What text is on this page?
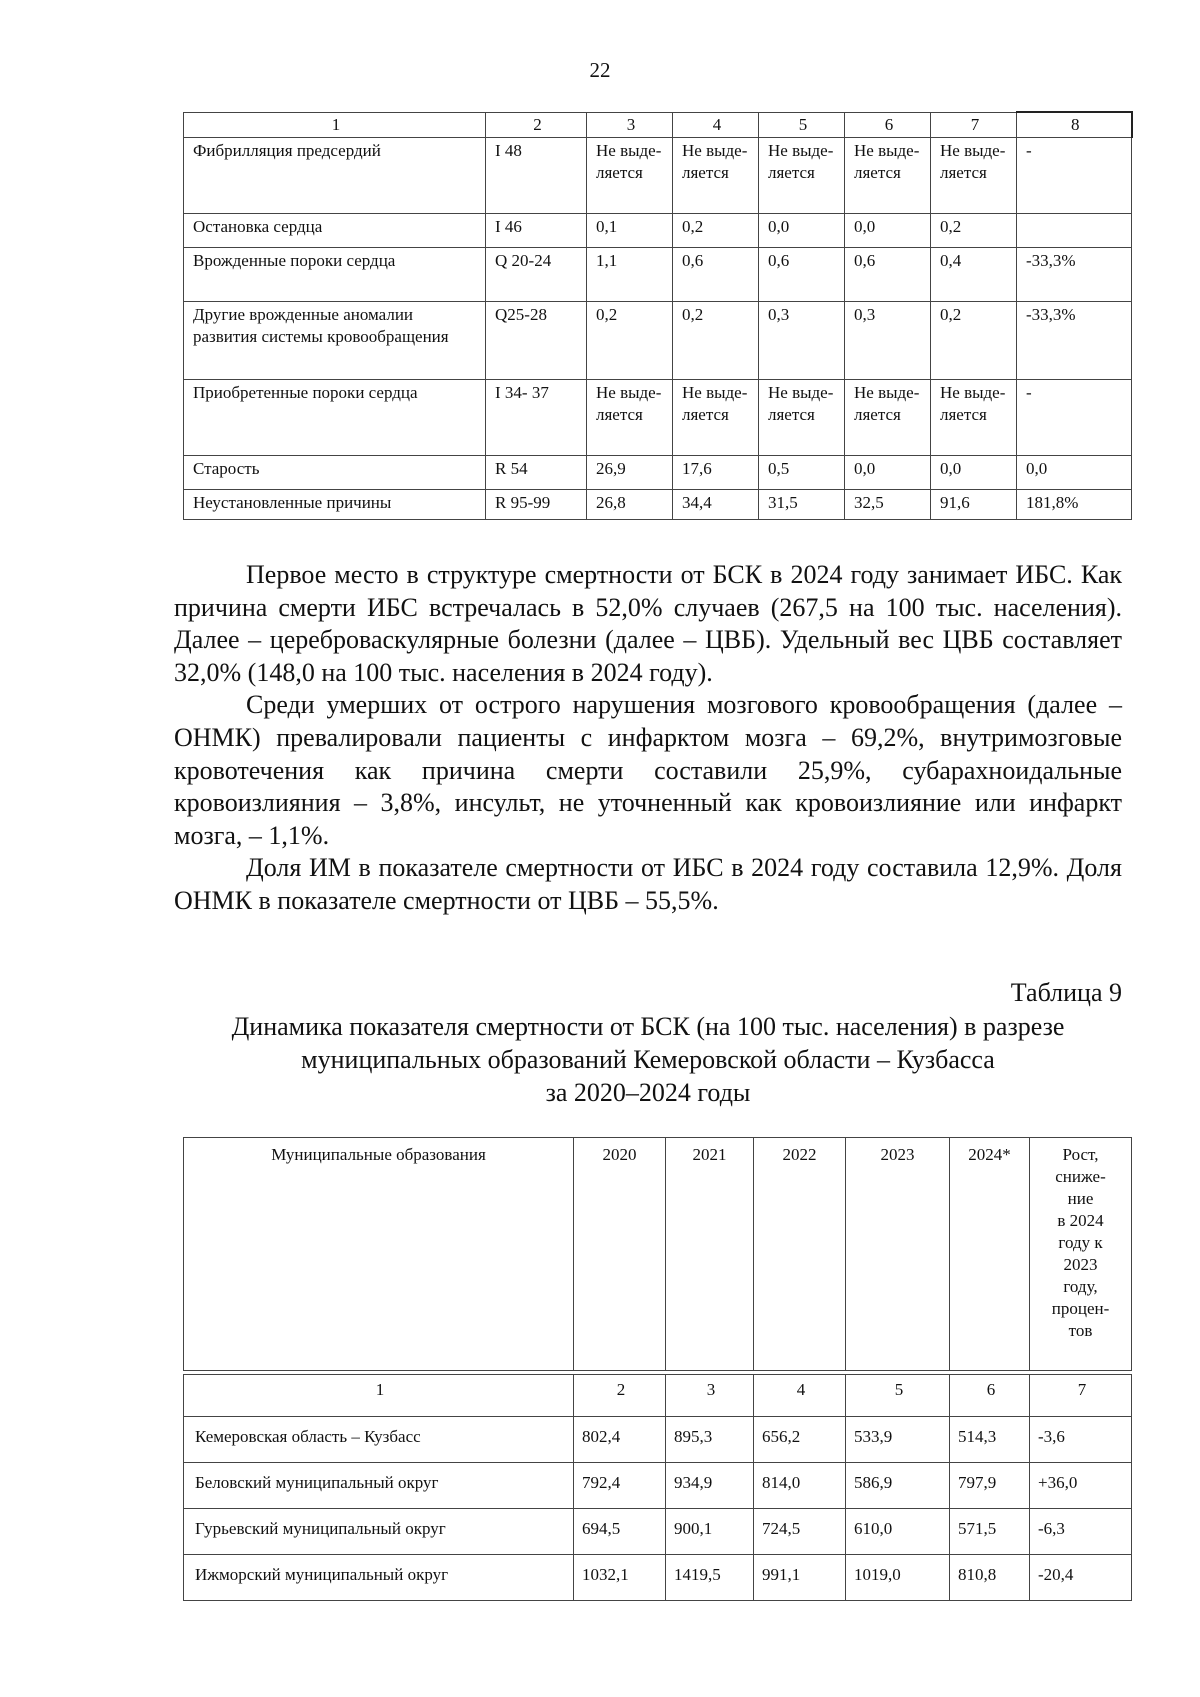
22
1	2	3	4	5	6	7	8
Фибрилляция предсердий	I 48	Не выде-ляется	Не выде-ляется	Не выде-ляется	Не выде-ляется	Не выде-ляется	-
Остановка сердца	I 46	0,1	0,2	0,0	0,0	0,2	
Врожденные пороки сердца	Q 20-24	1,1	0,6	0,6	0,6	0,4	-33,3%
Другие врожденные аномалии развития системы кровообращения	Q25-28	0,2	0,2	0,3	0,3	0,2	-33,3%
Приобретенные пороки сердца	I 34- 37	Не выде-ляется	Не выде-ляется	Не выде-ляется	Не выде-ляется	Не выде-ляется	-
Старость	R 54	26,9	17,6	0,5	0,0	0,0	0,0
Неустановленные причины	R 95-99	26,8	34,4	31,5	32,5	91,6	181,8%

Первое место в структуре смертности от БСК в 2024 году занимает ИБС. Как причина смерти ИБС встречалась в 52,0% случаев (267,5 на 100 тыс. населения). Далее – цереброваскулярные болезни (далее – ЦВБ). Удельный вес ЦВБ составляет 32,0% (148,0 на 100 тыс. населения в 2024 году).

Среди умерших от острого нарушения мозгового кровообращения (далее – ОНМК) превалировали пациенты с инфарктом мозга – 69,2%, внутримозговые кровотечения как причина смерти составили 25,9%, субарахноидальные кровоизлияния – 3,8%, инсульт, не уточненный как кровоизлияние или инфаркт мозга, – 1,1%.

Доля ИМ в показателе смертности от ИБС в 2024 году составила 12,9%. Доля ОНМК в показателе смертности от ЦВБ – 55,5%.

Таблица 9
Динамика показателя смертности от БСК (на 100 тыс. населения) в разрезе
муниципальных образований Кемеровской области – Кузбасса
за 2020–2024 годы
Муниципальные образования	2020	2021	2022	2023	2024*	Рост,
сниже-
ние
в 2024
году к
2023
году,
процен-
тов
1	2	3	4	5	6	7
Кемеровская область – Кузбасс	802,4	895,3	656,2	533,9	514,3	-3,6
Беловский муниципальный округ	792,4	934,9	814,0	586,9	797,9	+36,0
Гурьевский муниципальный округ	694,5	900,1	724,5	610,0	571,5	-6,3
Ижморский муниципальный округ	1032,1	1419,5	991,1	1019,0	810,8	-20,4
